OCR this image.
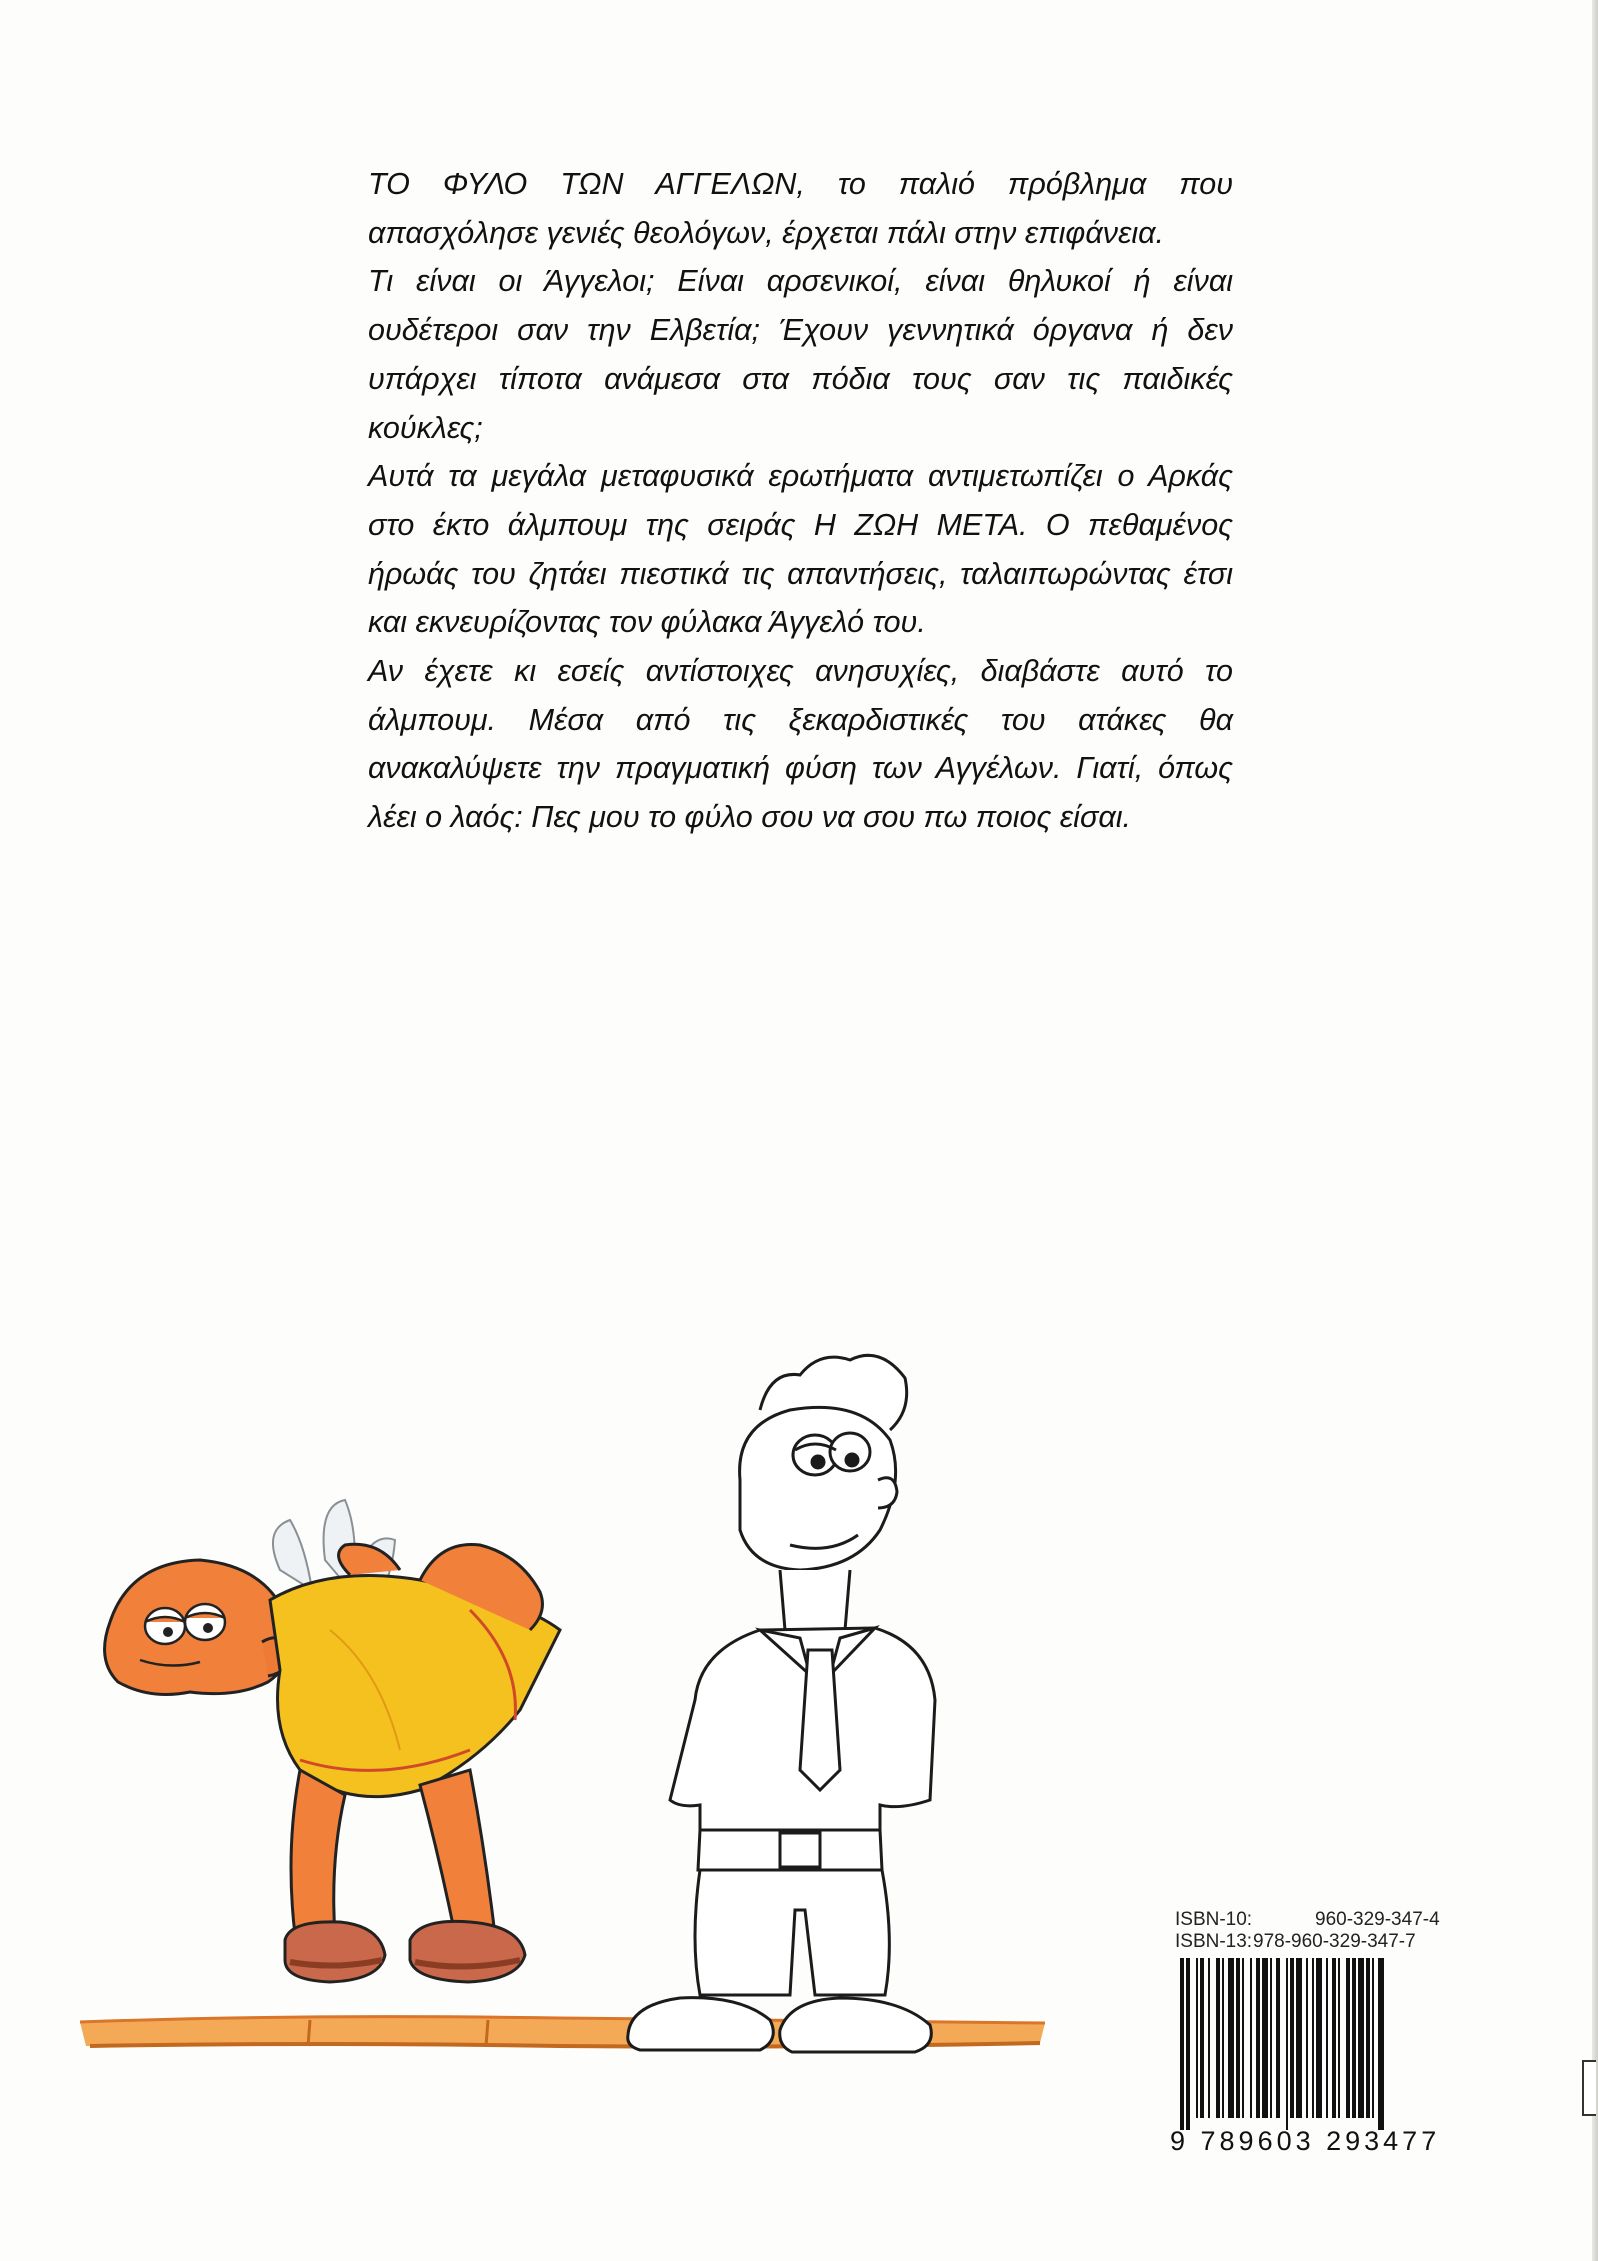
ΤΟ ΦΥΛΟ ΤΩΝ ΑΓΓΕΛΩΝ, το παλιό πρόβλημα που απασχόλησε γενιές θεολόγων, έρχεται πάλι στην επιφάνεια.

Τι είναι οι Άγγελοι; Είναι αρσενικοί, είναι θηλυκοί ή είναι ουδέτεροι σαν την Ελβετία; Έχουν γεννητικά όργανα ή δεν υπάρχει τίποτα ανάμεσα στα πόδια τους σαν τις παιδικές κούκλες;

Αυτά τα μεγάλα μεταφυσικά ερωτήματα αντιμετωπίζει ο Αρκάς στο έκτο άλμπουμ της σειράς Η ΖΩΗ ΜΕΤΑ. Ο πεθαμένος ήρωάς του ζητάει πιεστικά τις απαντήσεις, ταλαιπωρώντας έτσι και εκνευρίζοντας τον φύλακα Άγγελό του.

Αν έχετε κι εσείς αντίστοιχες ανησυχίες, διαβάστε αυτό το άλμπουμ. Μέσα από τις ξεκαρδιστικές του ατάκες θα ανακαλύψετε την πραγματική φύση των Αγγέλων. Γιατί, όπως λέει ο λαός: Πες μου το φύλο σου να σου πω ποιος είσαι.

ISBN-10:	960-329-347-4
ISBN-13: 978-960-329-347-7
9 789603 293477
